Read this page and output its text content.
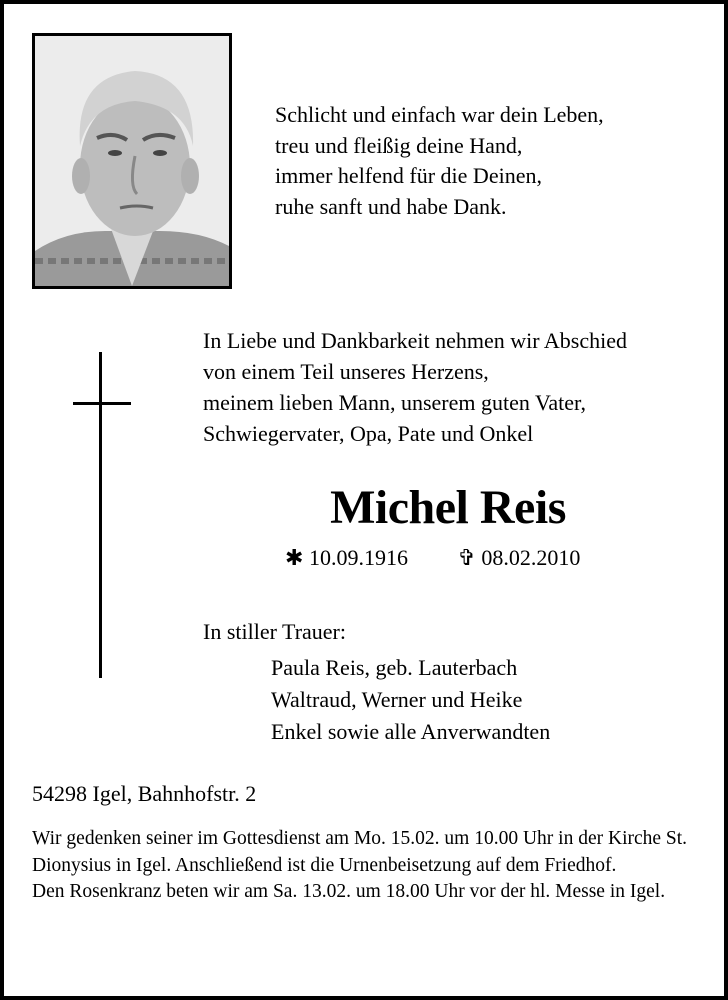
Schlicht und einfach war dein Leben,
treu und fleißig deine Hand,
immer helfend für die Deinen,
ruhe sanft und habe Dank.
In Liebe und Dankbarkeit nehmen wir Abschied
von einem Teil unseres Herzens,
meinem lieben Mann, unserem guten Vater,
Schwiegervater, Opa, Pate und Onkel
Michel Reis
✱ 10.09.1916 ✞ 08.02.2010
In stiller Trauer:
Paula Reis, geb. Lauterbach
Waltraud, Werner und Heike
Enkel sowie alle Anverwandten
54298 Igel, Bahnhofstr. 2
Wir gedenken seiner im Gottesdienst am Mo. 15.02. um 10.00 Uhr in der Kirche St. Dionysius in Igel. Anschließend ist die Urnenbeisetzung auf dem Friedhof.
Den Rosenkranz beten wir am Sa. 13.02. um 18.00 Uhr vor der hl. Messe in Igel.
